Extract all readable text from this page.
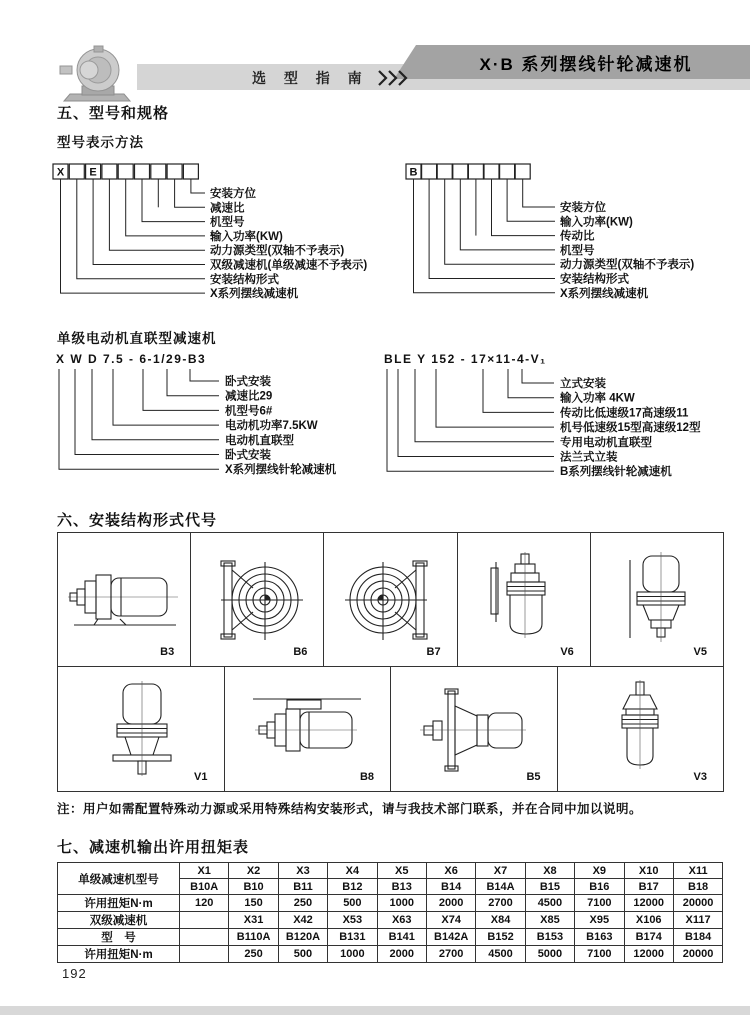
选 型 指 南
X·B 系列摆线针轮减速机
五、型号和规格
型号表示方法
X E
安装方位
减速比
机型号
输入功率(KW)
动力源类型(双轴不予表示)
双级减速机(单级减速不予表示)
安装结构形式
X系列摆线减速机
B
安装方位
输入功率(KW)
传动比
机型号
动力源类型(双轴不予表示)
安装结构形式
X系列摆线减速机
单级电动机直联型减速机
X W D 7.5 - 6-1/29-B3
卧式安装
减速比29
机型号6#
电动机功率7.5KW
电动机直联型
卧式安装
X系列摆线针轮减速机
BLE Y 152 - 17×11-4-V₁
立式安装
输入功率 4KW
传动比低速级17高速级11
机号低速级15型高速级12型
专用电动机直联型
法兰式立装
B系列摆线针轮减速机
六、安装结构形式代号
B3	B6	B7	V6	V5
V1	B8	B5	V3
注：用户如需配置特殊动力源或采用特殊结构安装形式，请与我技术部门联系，并在合同中加以说明。
七、减速机输出许用扭矩表
单级减速机型号	X1	X2	X3	X4	X5	X6	X7	X8	X9	X10	X11
	B10A	B10	B11	B12	B13	B14	B14A	B15	B16	B17	B18
许用扭矩N·m	120	150	250	500	1000	2000	2700	4500	7100	12000	20000
双级减速机		X31	X42	X53	X63	X74	X84	X85	X95	X106	X117
型　号		B110A	B120A	B131	B141	B142A	B152	B153	B163	B174	B184
许用扭矩N·m		250	500	1000	2000	2700	4500	5000	7100	12000	20000
192
